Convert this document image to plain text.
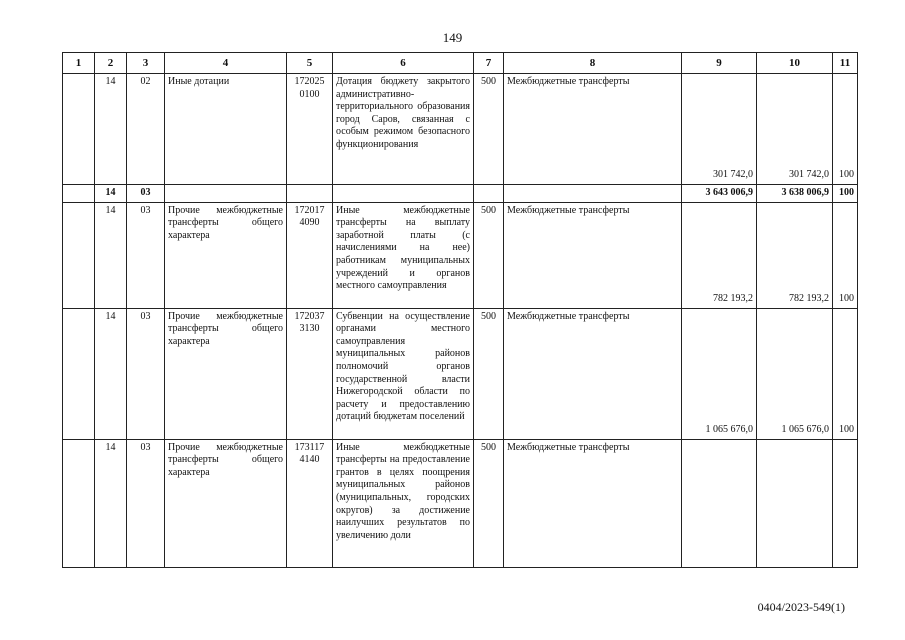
149
1	2	3	4	5	6	7	8	9	10	11
	14	02	Иные дотации	172025 0100	Дотация бюджету закрытого административно-территориального образования город Саров, связанная с особым режимом безопасного функционирования	500	Межбюджетные трансферты	301 742,0	301 742,0	100
	14	03						3 643 006,9	3 638 006,9	100
	14	03	Прочие межбюджетные трансферты общего характера	172017 4090	Иные межбюджетные трансферты на выплату заработной платы (с начислениями на нее) работникам муниципальных учреждений и органов местного самоуправления	500	Межбюджетные трансферты	782 193,2	782 193,2	100
	14	03	Прочие межбюджетные трансферты общего характера	172037 3130	Субвенции на осуществление органами местного самоуправления муниципальных районов полномочий органов государственной власти Нижегородской области по расчету и предоставлению дотаций бюджетам поселений	500	Межбюджетные трансферты	1 065 676,0	1 065 676,0	100
	14	03	Прочие межбюджетные трансферты общего характера	173117 4140	Иные межбюджетные трансферты на предоставление грантов в целях поощрения муниципальных районов (муниципальных, городских округов) за достижение наилучших результатов по увеличению доли	500	Межбюджетные трансферты			
0404/2023-549(1)
